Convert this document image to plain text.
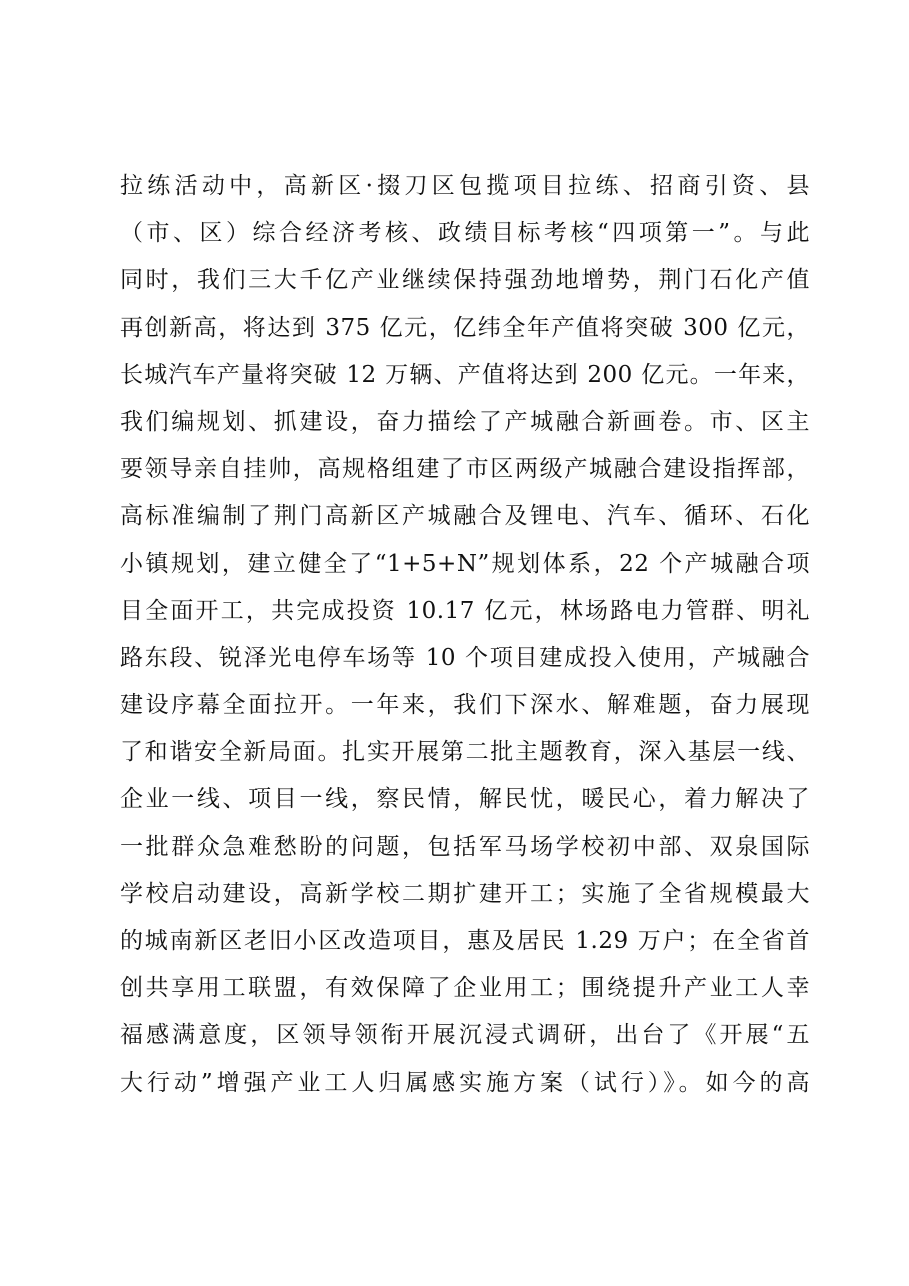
拉练活动中，高新区·掇刀区包揽项目拉练、招商引资、县
（市、区）综合经济考核、政绩目标考核“四项第一”。与此
同时，我们三大千亿产业继续保持强劲地增势，荆门石化产值
再创新高，将达到 375 亿元，亿纬全年产值将突破 300 亿元，
长城汽车产量将突破 12 万辆、产值将达到 200 亿元。一年来，
我们编规划、抓建设，奋力描绘了产城融合新画卷。市、区主
要领导亲自挂帅，高规格组建了市区两级产城融合建设指挥部，
高标准编制了荆门高新区产城融合及锂电、汽车、循环、石化
小镇规划，建立健全了“1+5+N”规划体系，22 个产城融合项
目全面开工，共完成投资 10.17 亿元，林场路电力管群、明礼
路东段、锐泽光电停车场等 10 个项目建成投入使用，产城融合
建设序幕全面拉开。一年来，我们下深水、解难题，奋力展现
了和谐安全新局面。扎实开展第二批主题教育，深入基层一线、
企业一线、项目一线，察民情，解民忧，暖民心，着力解决了
一批群众急难愁盼的问题，包括军马场学校初中部、双泉国际
学校启动建设，高新学校二期扩建开工；实施了全省规模最大
的城南新区老旧小区改造项目，惠及居民 1.29 万户；在全省首
创共享用工联盟，有效保障了企业用工；围绕提升产业工人幸
福感满意度，区领导领衔开展沉浸式调研，出台了《开展“五
大行动”增强产业工人归属感实施方案（试行）》。如今的高
